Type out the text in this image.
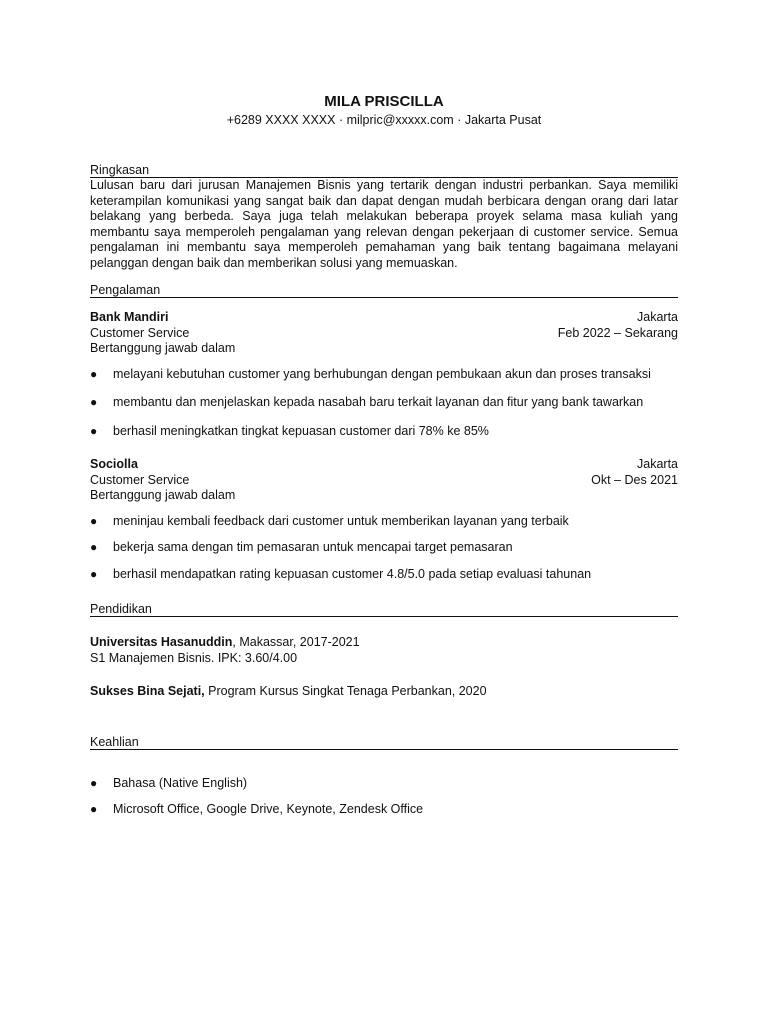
MILA PRISCILLA
+6289 XXXX XXXX · milpric@xxxxx.com · Jakarta Pusat
Ringkasan

Lulusan baru dari jurusan Manajemen Bisnis yang tertarik dengan industri perbankan. Saya memiliki keterampilan komunikasi yang sangat baik dan dapat dengan mudah berbicara dengan orang dari latar belakang yang berbeda. Saya juga telah melakukan beberapa proyek selama masa kuliah yang membantu saya memperoleh pengalaman yang relevan dengan pekerjaan di customer service. Semua pengalaman ini membantu saya memperoleh pemahaman yang baik tentang bagaimana melayani pelanggan dengan baik dan memberikan solusi yang memuaskan.

Pengalaman
Bank Mandiri	Jakarta
Customer Service	Feb 2022 – Sekarang
Bertanggung jawab dalam
● melayani kebutuhan customer yang berhubungan dengan pembukaan akun dan proses transaksi
● membantu dan menjelaskan kepada nasabah baru terkait layanan dan fitur yang bank tawarkan
● berhasil meningkatkan tingkat kepuasan customer dari 78% ke 85%
Sociolla	Jakarta
Customer Service	Okt – Des 2021
Bertanggung jawab dalam
● meninjau kembali feedback dari customer untuk memberikan layanan yang terbaik
● bekerja sama dengan tim pemasaran untuk mencapai target pemasaran
● berhasil mendapatkan rating kepuasan customer 4.8/5.0 pada setiap evaluasi tahunan
Pendidikan
Universitas Hasanuddin, Makassar, 2017-2021
S1 Manajemen Bisnis. IPK: 3.60/4.00
Sukses Bina Sejati, Program Kursus Singkat Tenaga Perbankan, 2020
Keahlian
● Bahasa (Native English)
● Microsoft Office, Google Drive, Keynote, Zendesk Office
